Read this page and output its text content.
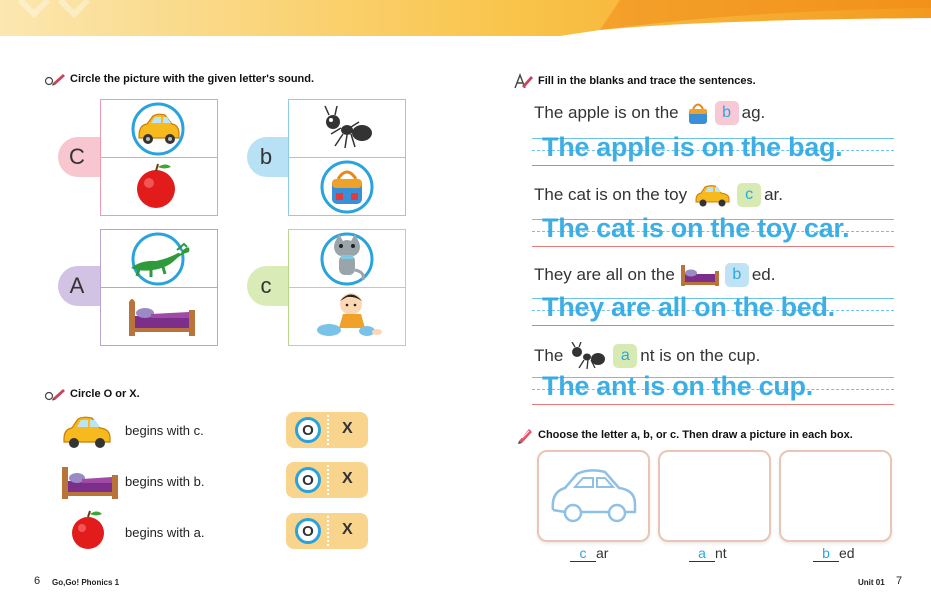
Circle the picture with the given letter's sound.
C	b
A	c
Circle O or X.
begins with c.	O	X
begins with b.	O	X
begins with a.	O	X
Fill in the blanks and trace the sentences.
The apple is on the	b ag.
The apple is on the bag.
The cat is on the toy	c ar.
The cat is on the toy car.
They are all on the	b ed.
They are all on the bed.
The	a nt is on the cup.
The ant is on the cup.
Choose the letter a, b, or c. Then draw a picture in each box.
c ar	a nt	b ed
6 Go,Go! Phonics 1	Unit 01 7
